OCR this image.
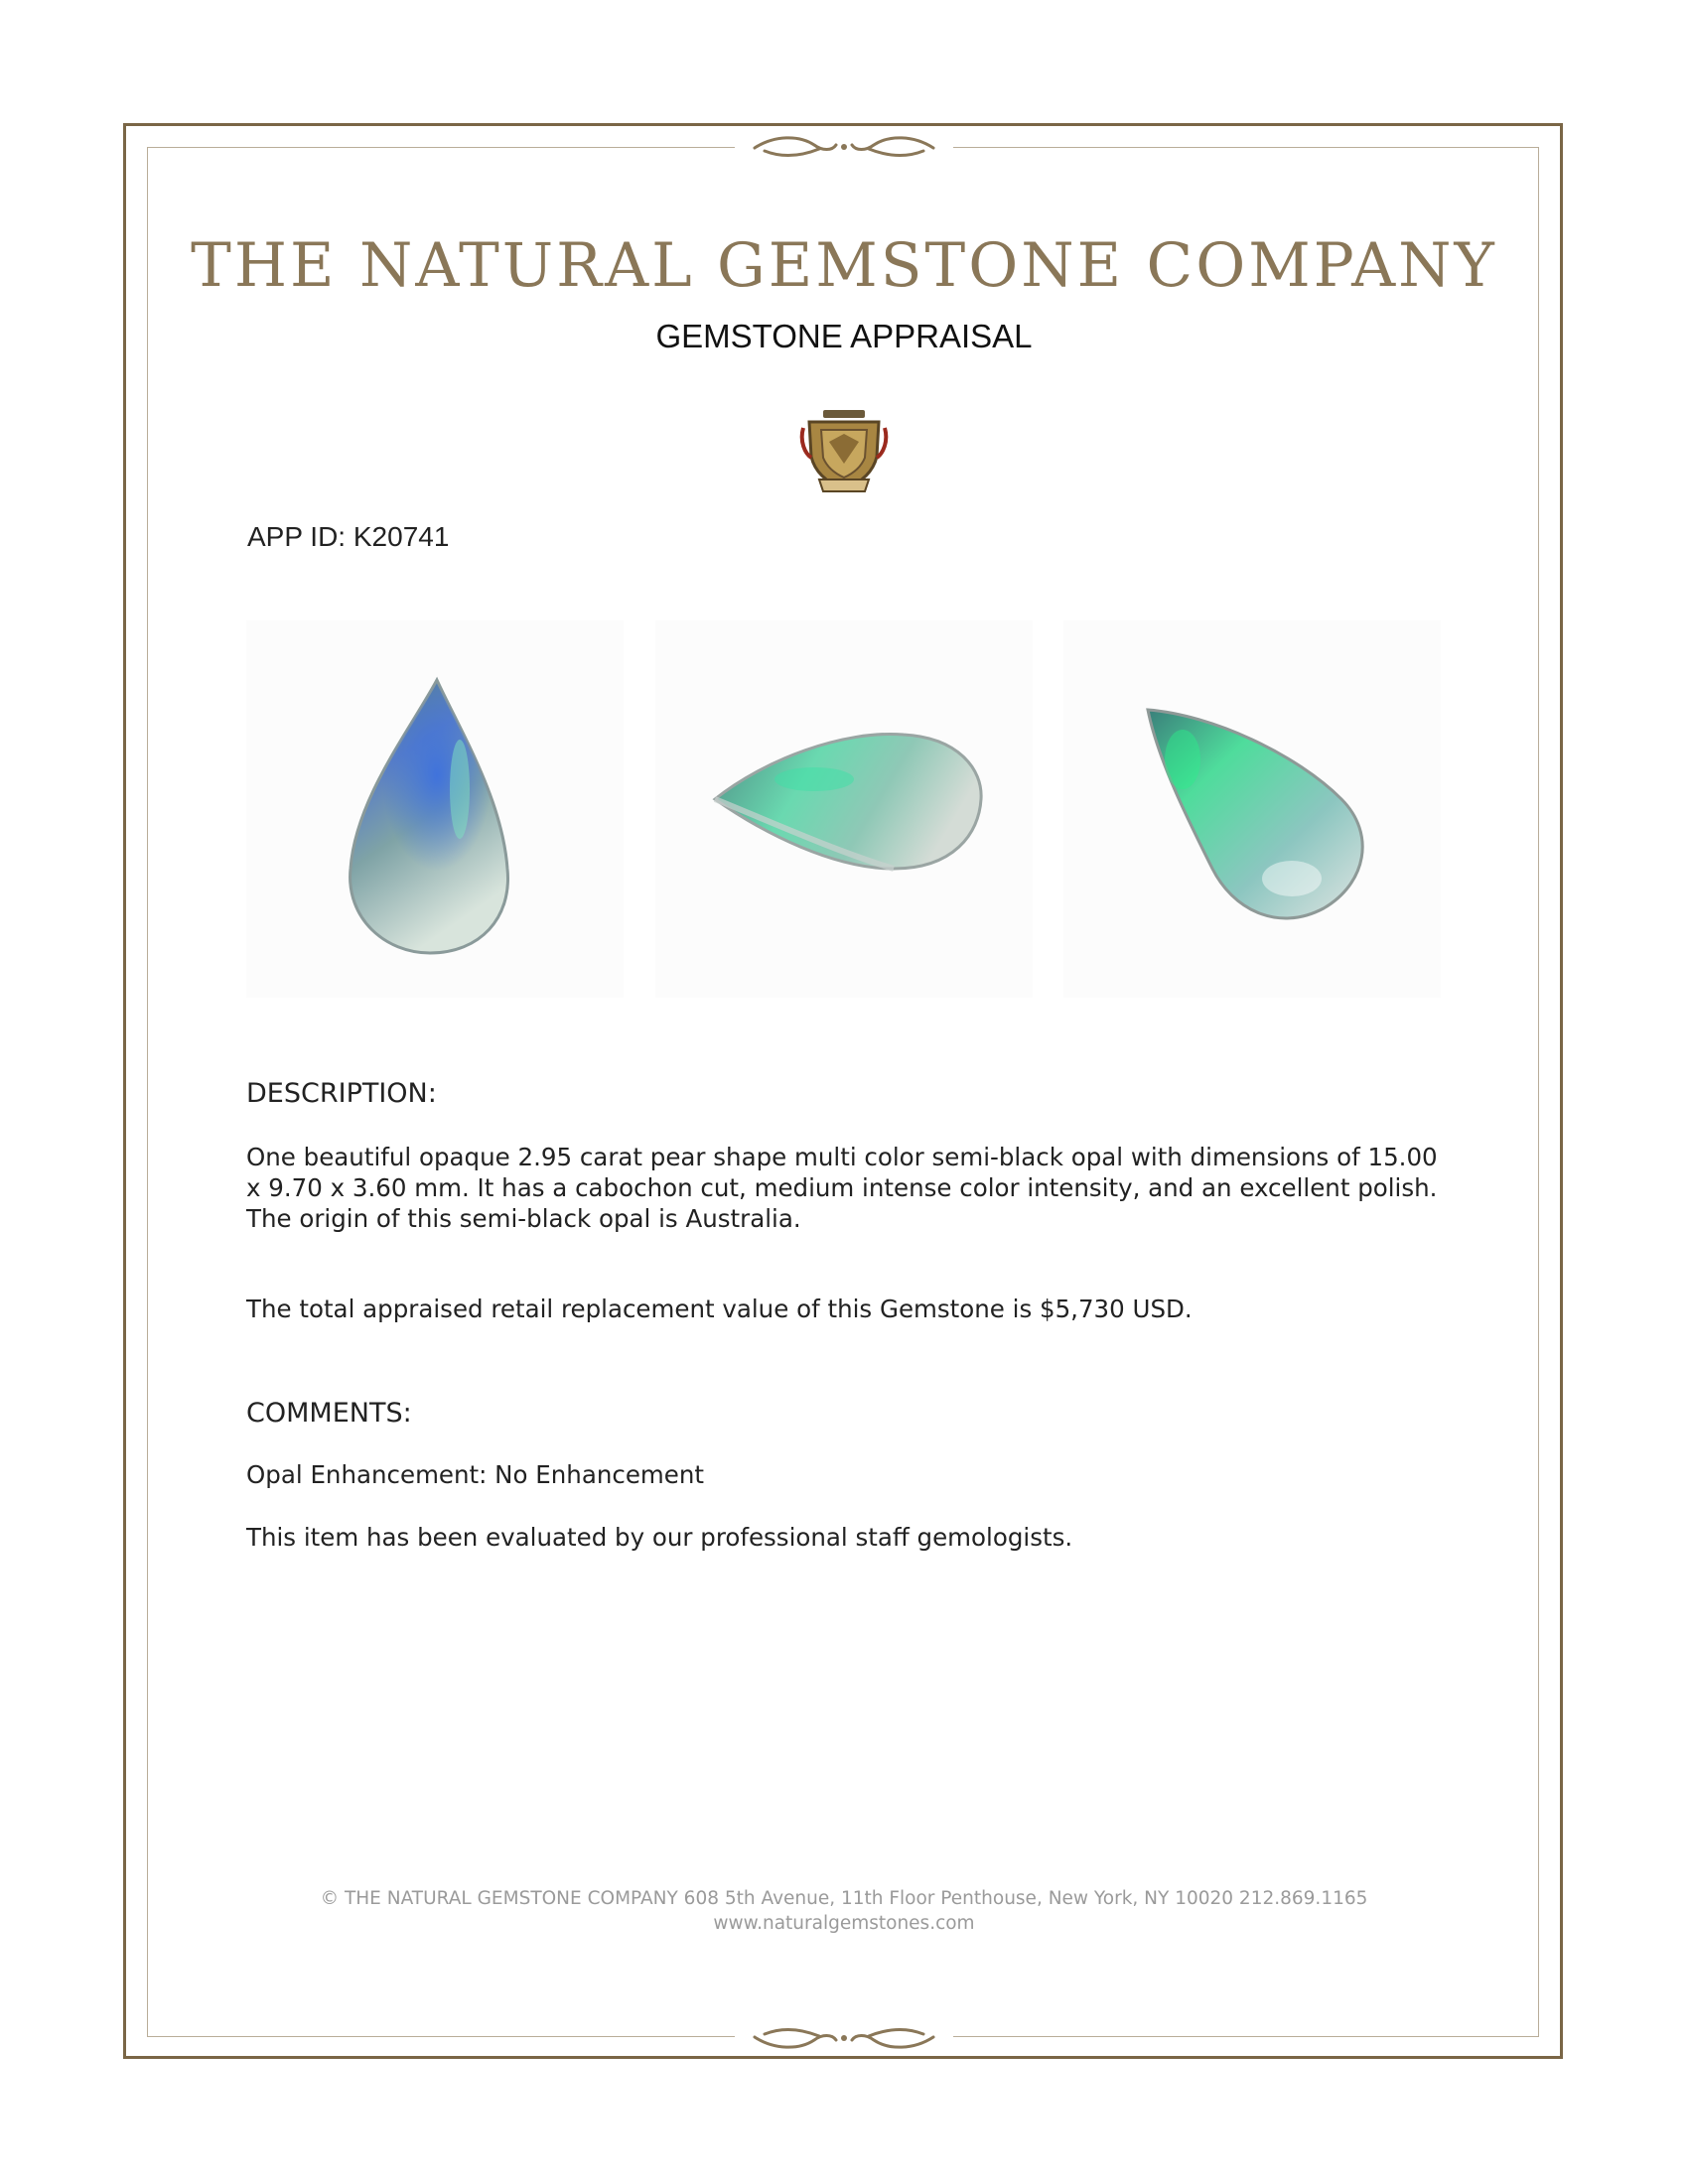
THE NATURAL GEMSTONE COMPANY
GEMSTONE APPRAISAL
APP ID: K20741
DESCRIPTION:
One beautiful opaque 2.95 carat pear shape multi color semi-black opal with dimensions of 15.00 x 9.70 x 3.60 mm. It has a cabochon cut, medium intense color intensity, and an excellent polish. The origin of this semi-black opal is Australia.
The total appraised retail replacement value of this Gemstone is $5,730 USD.
COMMENTS:
Opal Enhancement: No Enhancement
This item has been evaluated by our professional staff gemologists.
© THE NATURAL GEMSTONE COMPANY 608 5th Avenue, 11th Floor Penthouse, New York, NY 10020 212.869.1165
www.naturalgemstones.com
